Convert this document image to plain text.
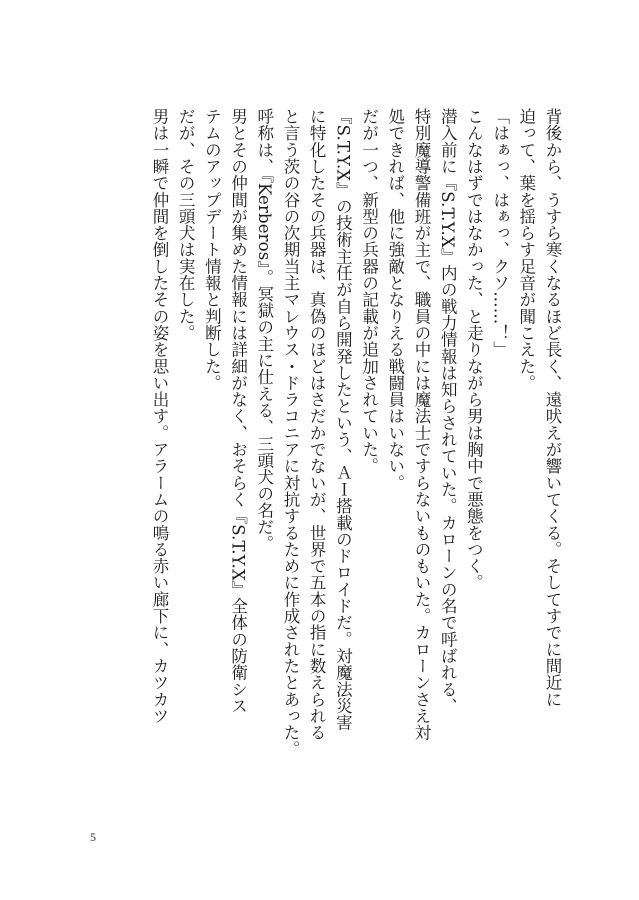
背後から、うすら寒くなるほど長く、遠吠えが響いてくる。そしてすでに間近に

迫って、葉を揺らす足音が聞こえた。

「はぁっ、はぁっ、クソ……！」

こんなはずではなかった、と走りながら男は胸中で悪態をつく。

潜入前に『S.T.Y.X』内の戦力情報は知らされていた。カローンの名で呼ばれる、

特別魔導警備班が主で、職員の中には魔法士ですらないものもいた。カローンさえ対

処できれば、他に強敵となりえる戦闘員はいない。

だが一つ、新型の兵器の記載が追加されていた。

『S.T.Y.X』の技術主任が自ら開発したという、ＡＩ搭載のドロイドだ。対魔法災害

に特化したその兵器は、真偽のほどはさだかでないが、世界で五本の指に数えられる

と言う茨の谷の次期当主マレウス・ドラコニアに対抗するために作成されたとあった。

呼称は、『Kerberos』。冥獄の主に仕える、三頭犬の名だ。

男とその仲間が集めた情報には詳細がなく、おそらく『S.T.Y.X』全体の防衛シス

テムのアップデート情報と判断した。

だが、その三頭犬は実在した。

男は一瞬で仲間を倒したその姿を思い出す。アラームの鳴る赤い廊下に、カツカツ

5
